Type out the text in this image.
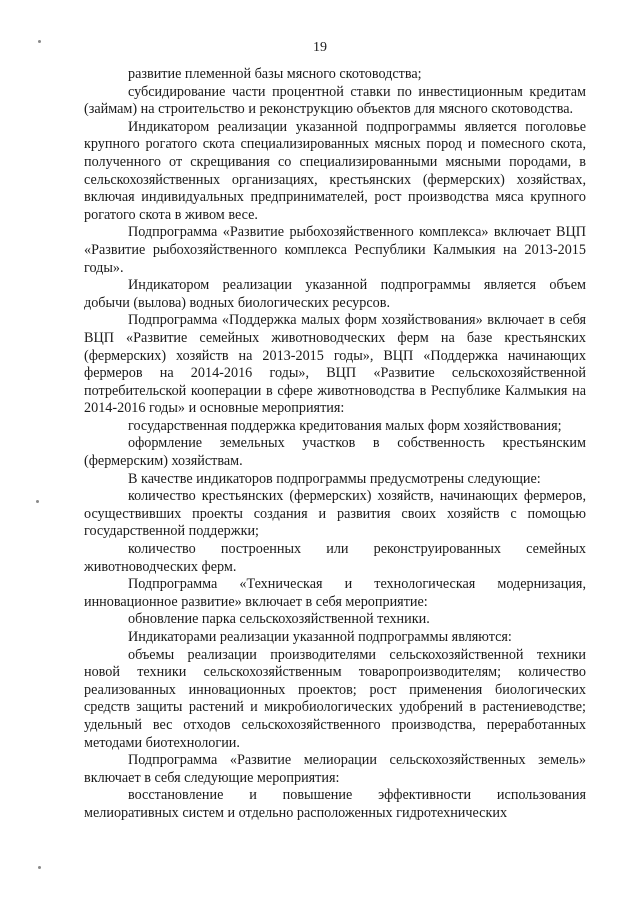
19

развитие племенной базы мясного скотоводства;

субсидирование части процентной ставки по инвестиционным кредитам (займам) на строительство и реконструкцию объектов для мясного скотоводства.

Индикатором реализации указанной подпрограммы является поголовье крупного рогатого скота специализированных мясных пород и помесного скота, полученного от скрещивания со специализированными мясными породами, в сельскохозяйственных организациях, крестьянских (фермерских) хозяйствах, включая индивидуальных предпринимателей, рост производства мяса крупного рогатого скота в живом весе.

Подпрограмма «Развитие рыбохозяйственного комплекса» включает ВЦП «Развитие рыбохозяйственного комплекса Республики Калмыкия на 2013-2015 годы».

Индикатором реализации указанной подпрограммы является объем добычи (вылова) водных биологических ресурсов.

Подпрограмма «Поддержка малых форм хозяйствования» включает в себя ВЦП «Развитие семейных животноводческих ферм на базе крестьянских (фермерских) хозяйств на 2013-2015 годы», ВЦП «Поддержка начинающих фермеров на 2014-2016 годы», ВЦП «Развитие сельскохозяйственной потребительской кооперации в сфере животноводства в Республике Калмыкия на 2014-2016 годы» и основные мероприятия:

государственная поддержка кредитования малых форм хозяйствования;

оформление земельных участков в собственность крестьянским (фермерским) хозяйствам.

В качестве индикаторов подпрограммы предусмотрены следующие:

количество крестьянских (фермерских) хозяйств, начинающих фермеров, осуществивших проекты создания и развития своих хозяйств с помощью государственной поддержки;

количество построенных или реконструированных семейных животноводческих ферм.

Подпрограмма «Техническая и технологическая модернизация, инновационное развитие» включает в себя мероприятие:

обновление парка сельскохозяйственной техники.

Индикаторами реализации указанной подпрограммы являются:

объемы реализации производителями сельскохозяйственной техники новой техники сельскохозяйственным товаропроизводителям; количество реализованных инновационных проектов; рост применения биологических средств защиты растений и микробиологических удобрений в растениеводстве; удельный вес отходов сельскохозяйственного производства, переработанных методами биотехнологии.

Подпрограмма «Развитие мелиорации сельскохозяйственных земель» включает в себя следующие мероприятия:

восстановление и повышение эффективности использования мелиоративных систем и отдельно расположенных гидротехнических
